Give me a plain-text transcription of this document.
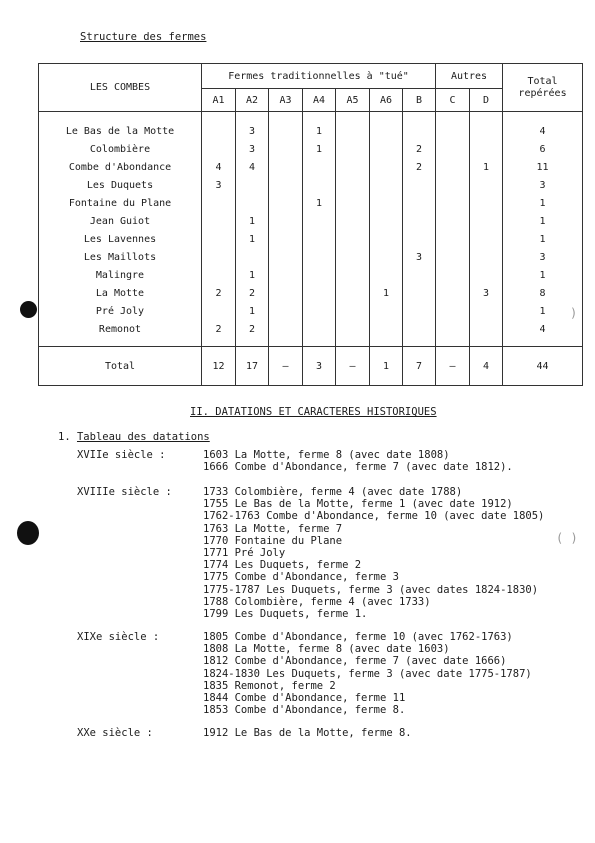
Structure des fermes
LES COMBES	Fermes traditionnelles à "tué"							Autres		Total
repérées

	A1	A2	A3	A4	A5	A6	B	C	D	
Le Bas de la Motte		3		1						4
Colombière		3		1			2			6
Combe d'Abondance	4	4					2		1	11
Les Duquets	3									3
Fontaine du Plane				1						1
Jean Guiot		1								1
Les Lavennes		1								1
Les Maillots							3			3
Malingre		1								1
La Motte	2	2				1			3	8
Pré Joly		1								1
Remonot	2	2								4
Total	12	17	–	3	–	1	7	–	4	44
II. DATATIONS ET CARACTERES HISTORIQUES
1. Tableau des datations
XVIIe siècle :	1603 La Motte, ferme 8 (avec date 1808)
1666 Combe d'Abondance, ferme 7 (avec date 1812).
XVIIIe siècle :	1733 Colombière, ferme 4 (avec date 1788)
1755 Le Bas de la Motte, ferme 1 (avec date 1912)
1762-1763 Combe d'Abondance, ferme 10 (avec date 1805)
1763 La Motte, ferme 7
1770 Fontaine du Plane
1771 Pré Joly
1774 Les Duquets, ferme 2
1775 Combe d'Abondance, ferme 3
1775-1787 Les Duquets, ferme 3 (avec dates 1824-1830)
1788 Colombière, ferme 4 (avec 1733)
1799 Les Duquets, ferme 1.
XIXe siècle :	1805 Combe d'Abondance, ferme 10 (avec 1762-1763)
1808 La Motte, ferme 8 (avec date 1603)
1812 Combe d'Abondance, ferme 7 (avec date 1666)
1824-1830 Les Duquets, ferme 3 (avec date 1775-1787)
1835 Remonot, ferme 2
1844 Combe d'Abondance, ferme 11
1853 Combe d'Abondance, ferme 8.
XXe siècle :	1912 Le Bas de la Motte, ferme 8.
( )
)
